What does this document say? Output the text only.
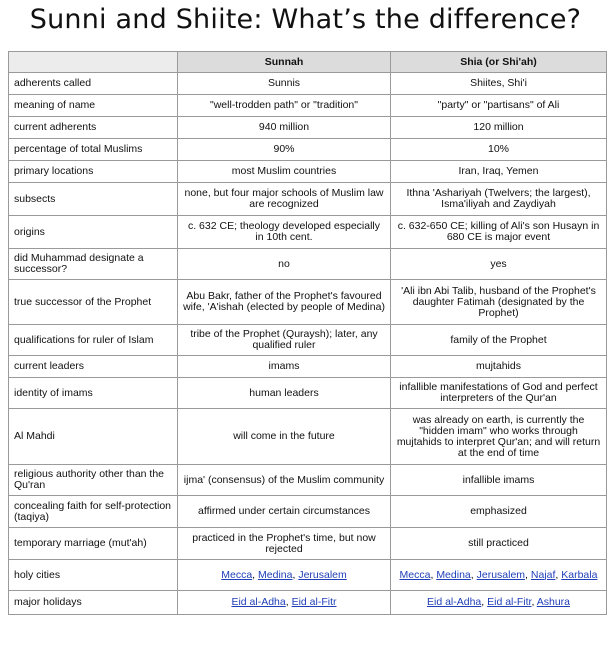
Sunni and Shiite: What’s the difference?
	Sunnah	Shia (or Shi'ah)
adherents called	Sunnis	Shiites, Shi'i
meaning of name	"well-trodden path" or "tradition"	"party" or "partisans" of Ali
current adherents	940 million	120 million
percentage of total Muslims	90%	10%
primary locations	most Muslim countries	Iran, Iraq, Yemen
subsects	none, but four major schools of Muslim law are recognized	Ithna 'Ashariyah (Twelvers; the largest), Isma'iliyah and Zaydiyah
origins	c. 632 CE; theology developed especially in 10th cent.	c. 632-650 CE; killing of Ali's son Husayn in 680 CE is major event
did Muhammad designate a successor?	no	yes
true successor of the Prophet	Abu Bakr, father of the Prophet's favoured wife, 'A'ishah (elected by people of Medina)	'Ali ibn Abi Talib, husband of the Prophet's daughter Fatimah (designated by the Prophet)
qualifications for ruler of Islam	tribe of the Prophet (Quraysh); later, any qualified ruler	family of the Prophet
current leaders	imams	mujtahids
identity of imams	human leaders	infallible manifestations of God and perfect interpreters of the Qur'an
Al Mahdi	will come in the future	was already on earth, is currently the "hidden imam" who works through mujtahids to interpret Qur'an; and will return at the end of time
religious authority other than the Qu'ran	ijma' (consensus) of the Muslim community	infallible imams
concealing faith for self-protection (taqiya)	affirmed under certain circumstances	emphasized
temporary marriage (mut'ah)	practiced in the Prophet's time, but now rejected	still practiced
holy cities	Mecca, Medina, Jerusalem	Mecca, Medina, Jerusalem, Najaf, Karbala
major holidays	Eid al-Adha, Eid al-Fitr	Eid al-Adha, Eid al-Fitr, Ashura
